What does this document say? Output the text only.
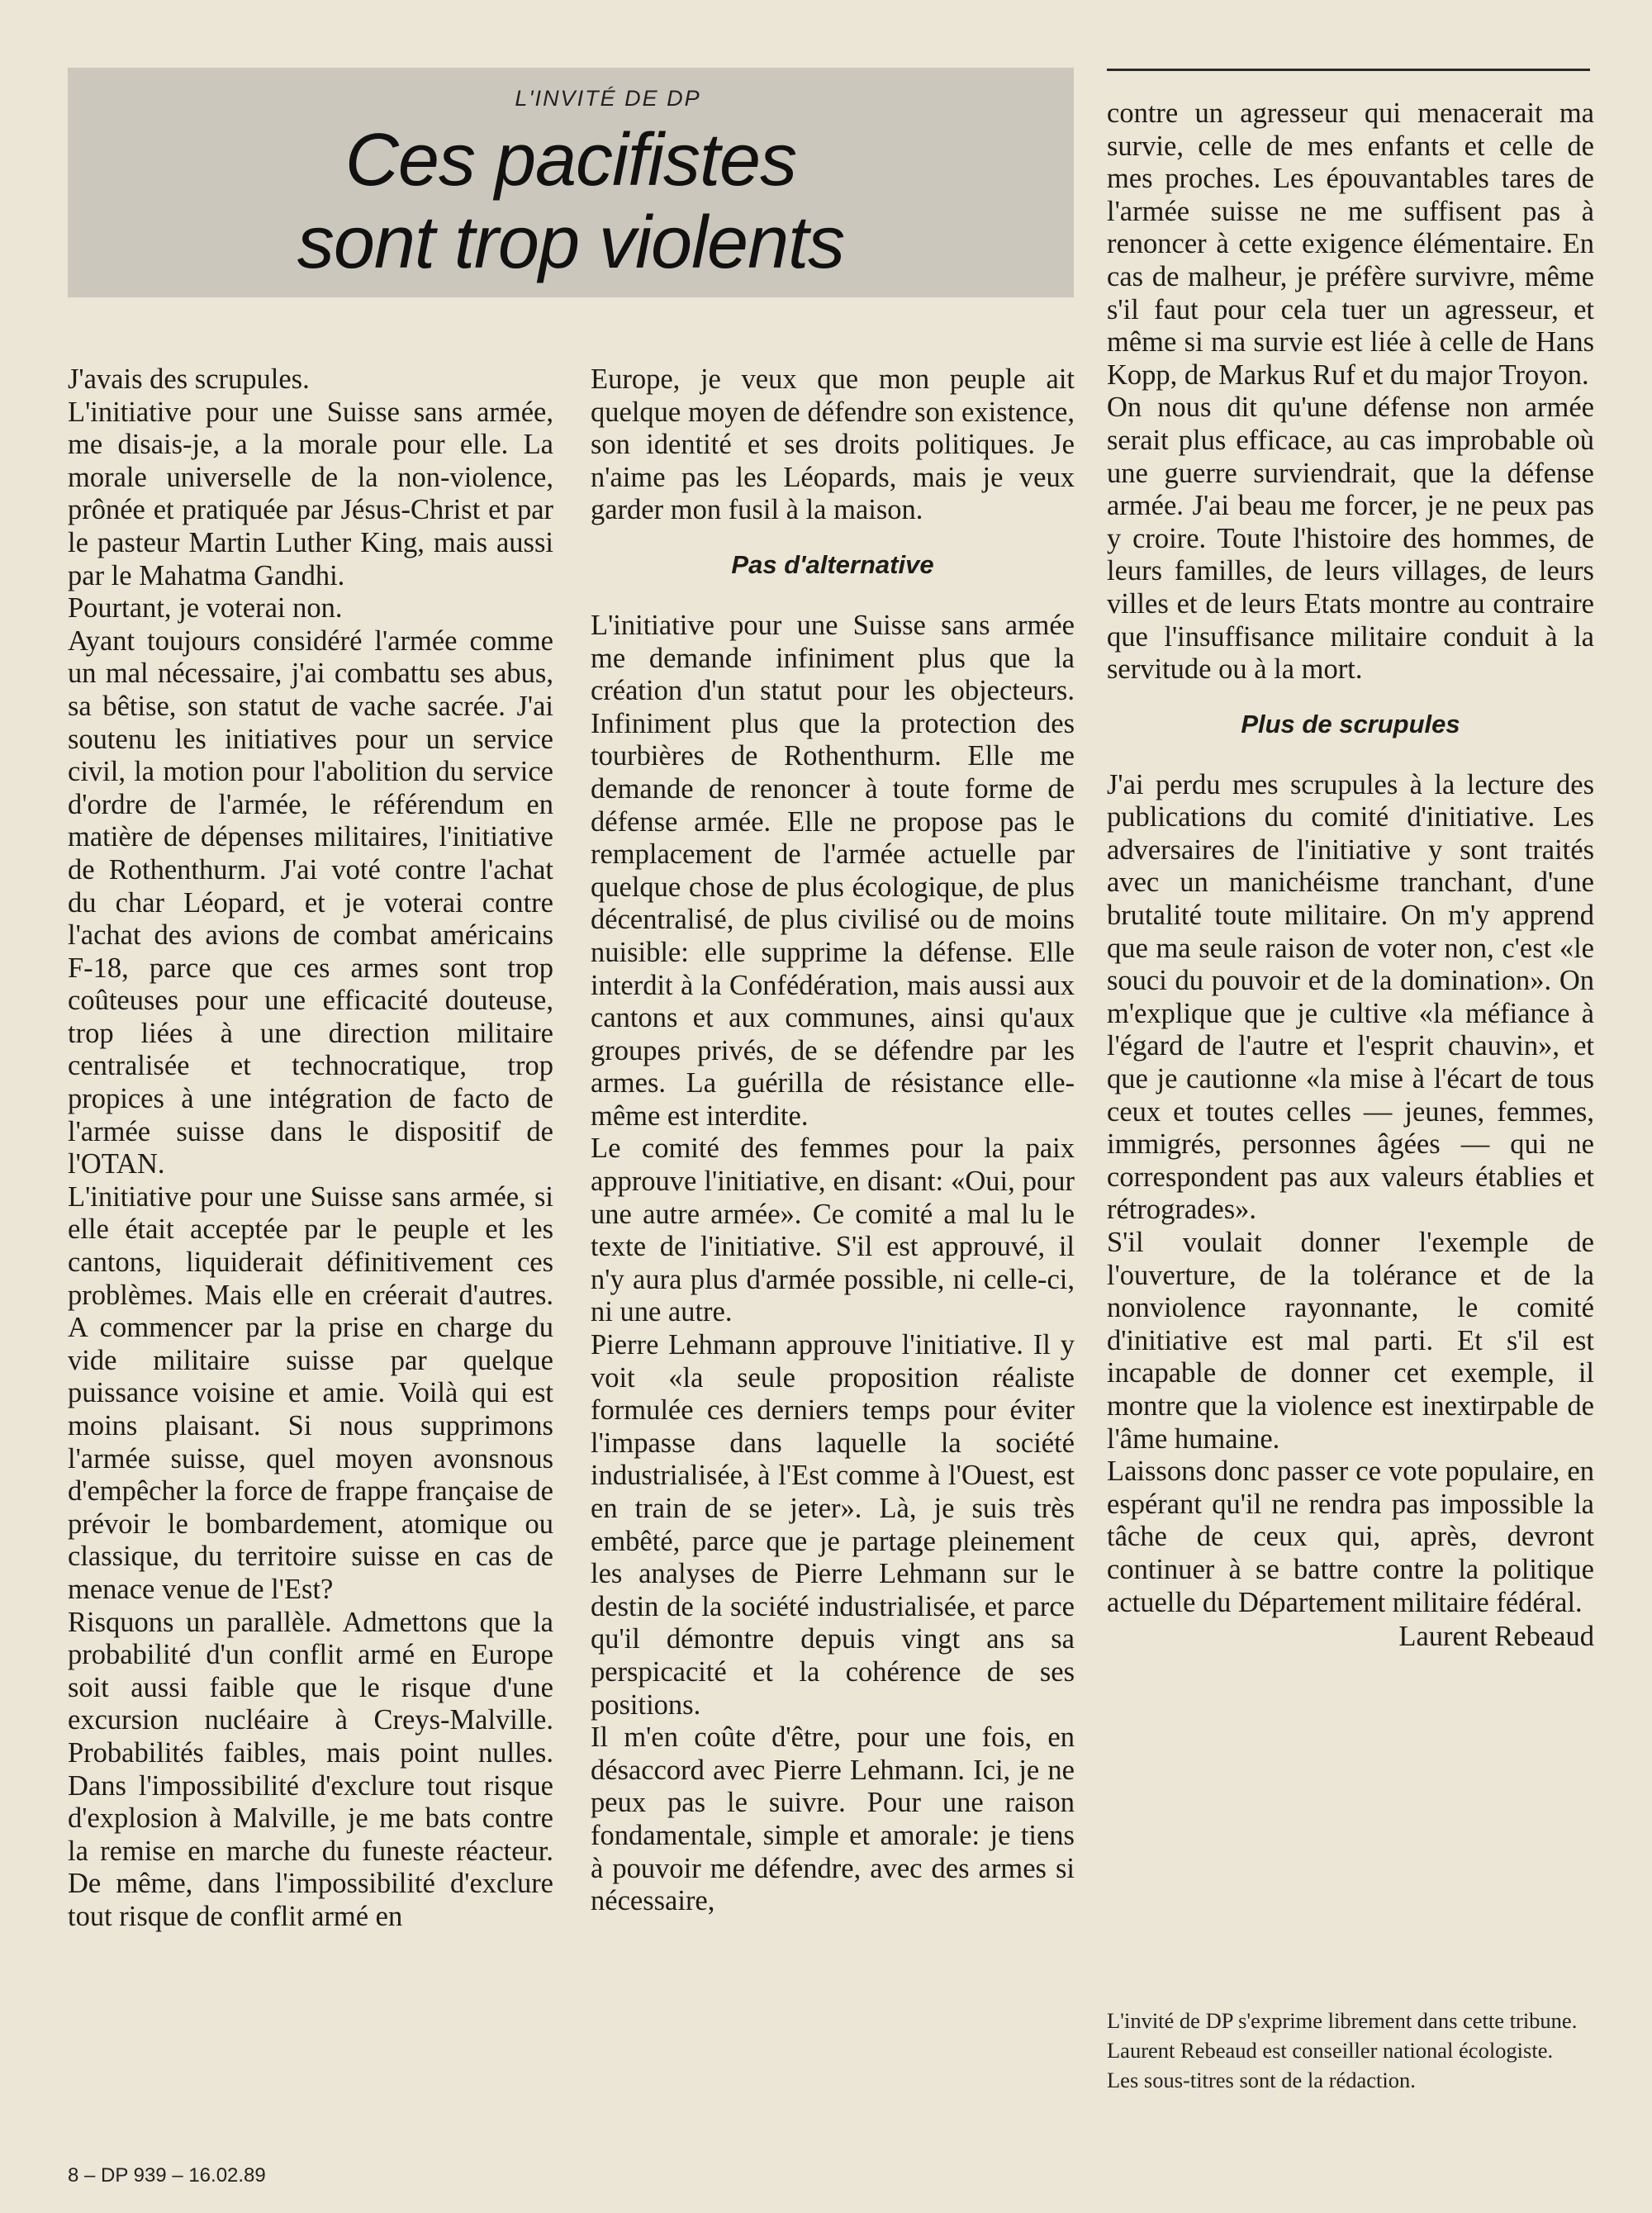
L'INVITÉ DE DP
Ces pacifistes
sont trop violents

J'avais des scrupules.

L'initiative pour une Suisse sans armée, me disais-je, a la morale pour elle. La morale universelle de la non-violence, prônée et pratiquée par Jésus-Christ et par le pasteur Martin Luther King, mais aussi par le Mahatma Gandhi.

Pourtant, je voterai non.

Ayant toujours considéré l'armée comme un mal nécessaire, j'ai combattu ses abus, sa bêtise, son statut de vache sacrée. J'ai soutenu les initiatives pour un service civil, la motion pour l'abolition du service d'ordre de l'armée, le référendum en matière de dépenses militaires, l'initiative de Rothenthurm. J'ai voté contre l'achat du char Léopard, et je voterai contre l'achat des avions de combat américains F-18, parce que ces armes sont trop coûteuses pour une efficacité douteuse, trop liées à une direction militaire centralisée et technocratique, trop propices à une intégration de facto de l'armée suisse dans le dispositif de l'OTAN.

L'initiative pour une Suisse sans armée, si elle était acceptée par le peuple et les cantons, liquiderait définitivement ces problèmes. Mais elle en créerait d'autres. A commencer par la prise en charge du vide militaire suisse par quelque puissance voisine et amie. Voilà qui est moins plaisant. Si nous supprimons l'armée suisse, quel moyen avonsnous d'empêcher la force de frappe française de prévoir le bombardement, atomique ou classique, du territoire suisse en cas de menace venue de l'Est?

Risquons un parallèle. Admettons que la probabilité d'un conflit armé en Europe soit aussi faible que le risque d'une excursion nucléaire à Creys-Malville. Probabilités faibles, mais point nulles. Dans l'impossibilité d'exclure tout risque d'explosion à Malville, je me bats contre la remise en marche du funeste réacteur. De même, dans l'impossibilité d'exclure tout risque de conflit armé en

Europe, je veux que mon peuple ait quelque moyen de défendre son existence, son identité et ses droits politiques. Je n'aime pas les Léopards, mais je veux garder mon fusil à la maison.

Pas d'alternative

L'initiative pour une Suisse sans armée me demande infiniment plus que la création d'un statut pour les objecteurs. Infiniment plus que la protection des tourbières de Rothenthurm. Elle me demande de renoncer à toute forme de défense armée. Elle ne propose pas le remplacement de l'armée actuelle par quelque chose de plus écologique, de plus décentralisé, de plus civilisé ou de moins nuisible: elle supprime la défense. Elle interdit à la Confédération, mais aussi aux cantons et aux communes, ainsi qu'aux groupes privés, de se défendre par les armes. La guérilla de résistance elle-même est interdite.

Le comité des femmes pour la paix approuve l'initiative, en disant: «Oui, pour une autre armée». Ce comité a mal lu le texte de l'initiative. S'il est approuvé, il n'y aura plus d'armée possible, ni celle-ci, ni une autre.

Pierre Lehmann approuve l'initiative. Il y voit «la seule proposition réaliste formulée ces derniers temps pour éviter l'impasse dans laquelle la société industrialisée, à l'Est comme à l'Ouest, est en train de se jeter». Là, je suis très embêté, parce que je partage pleinement les analyses de Pierre Lehmann sur le destin de la société industrialisée, et parce qu'il démontre depuis vingt ans sa perspicacité et la cohérence de ses positions.

Il m'en coûte d'être, pour une fois, en désaccord avec Pierre Lehmann. Ici, je ne peux pas le suivre. Pour une raison fondamentale, simple et amorale: je tiens à pouvoir me défendre, avec des armes si nécessaire,

contre un agresseur qui menacerait ma survie, celle de mes enfants et celle de mes proches. Les épouvantables tares de l'armée suisse ne me suffisent pas à renoncer à cette exigence élémentaire. En cas de malheur, je préfère survivre, même s'il faut pour cela tuer un agresseur, et même si ma survie est liée à celle de Hans Kopp, de Markus Ruf et du major Troyon.

On nous dit qu'une défense non armée serait plus efficace, au cas improbable où une guerre surviendrait, que la défense armée. J'ai beau me forcer, je ne peux pas y croire. Toute l'histoire des hommes, de leurs familles, de leurs villages, de leurs villes et de leurs Etats montre au contraire que l'insuffisance militaire conduit à la servitude ou à la mort.

Plus de scrupules

J'ai perdu mes scrupules à la lecture des publications du comité d'initiative. Les adversaires de l'initiative y sont traités avec un manichéisme tranchant, d'une brutalité toute militaire. On m'y apprend que ma seule raison de voter non, c'est «le souci du pouvoir et de la domination». On m'explique que je cultive «la méfiance à l'égard de l'autre et l'esprit chauvin», et que je cautionne «la mise à l'écart de tous ceux et toutes celles — jeunes, femmes, immigrés, personnes âgées — qui ne correspondent pas aux valeurs établies et rétrogrades».

S'il voulait donner l'exemple de l'ouverture, de la tolérance et de la nonviolence rayonnante, le comité d'initiative est mal parti. Et s'il est incapable de donner cet exemple, il montre que la violence est inextirpable de l'âme humaine.

Laissons donc passer ce vote populaire, en espérant qu'il ne rendra pas impossible la tâche de ceux qui, après, devront continuer à se battre contre la politique actuelle du Département militaire fédéral.

Laurent Rebeaud

L'invité de DP s'exprime librement dans cette tribune. Laurent Rebeaud est conseiller national écologiste.

Les sous-titres sont de la rédaction.

8 – DP 939 – 16.02.89
